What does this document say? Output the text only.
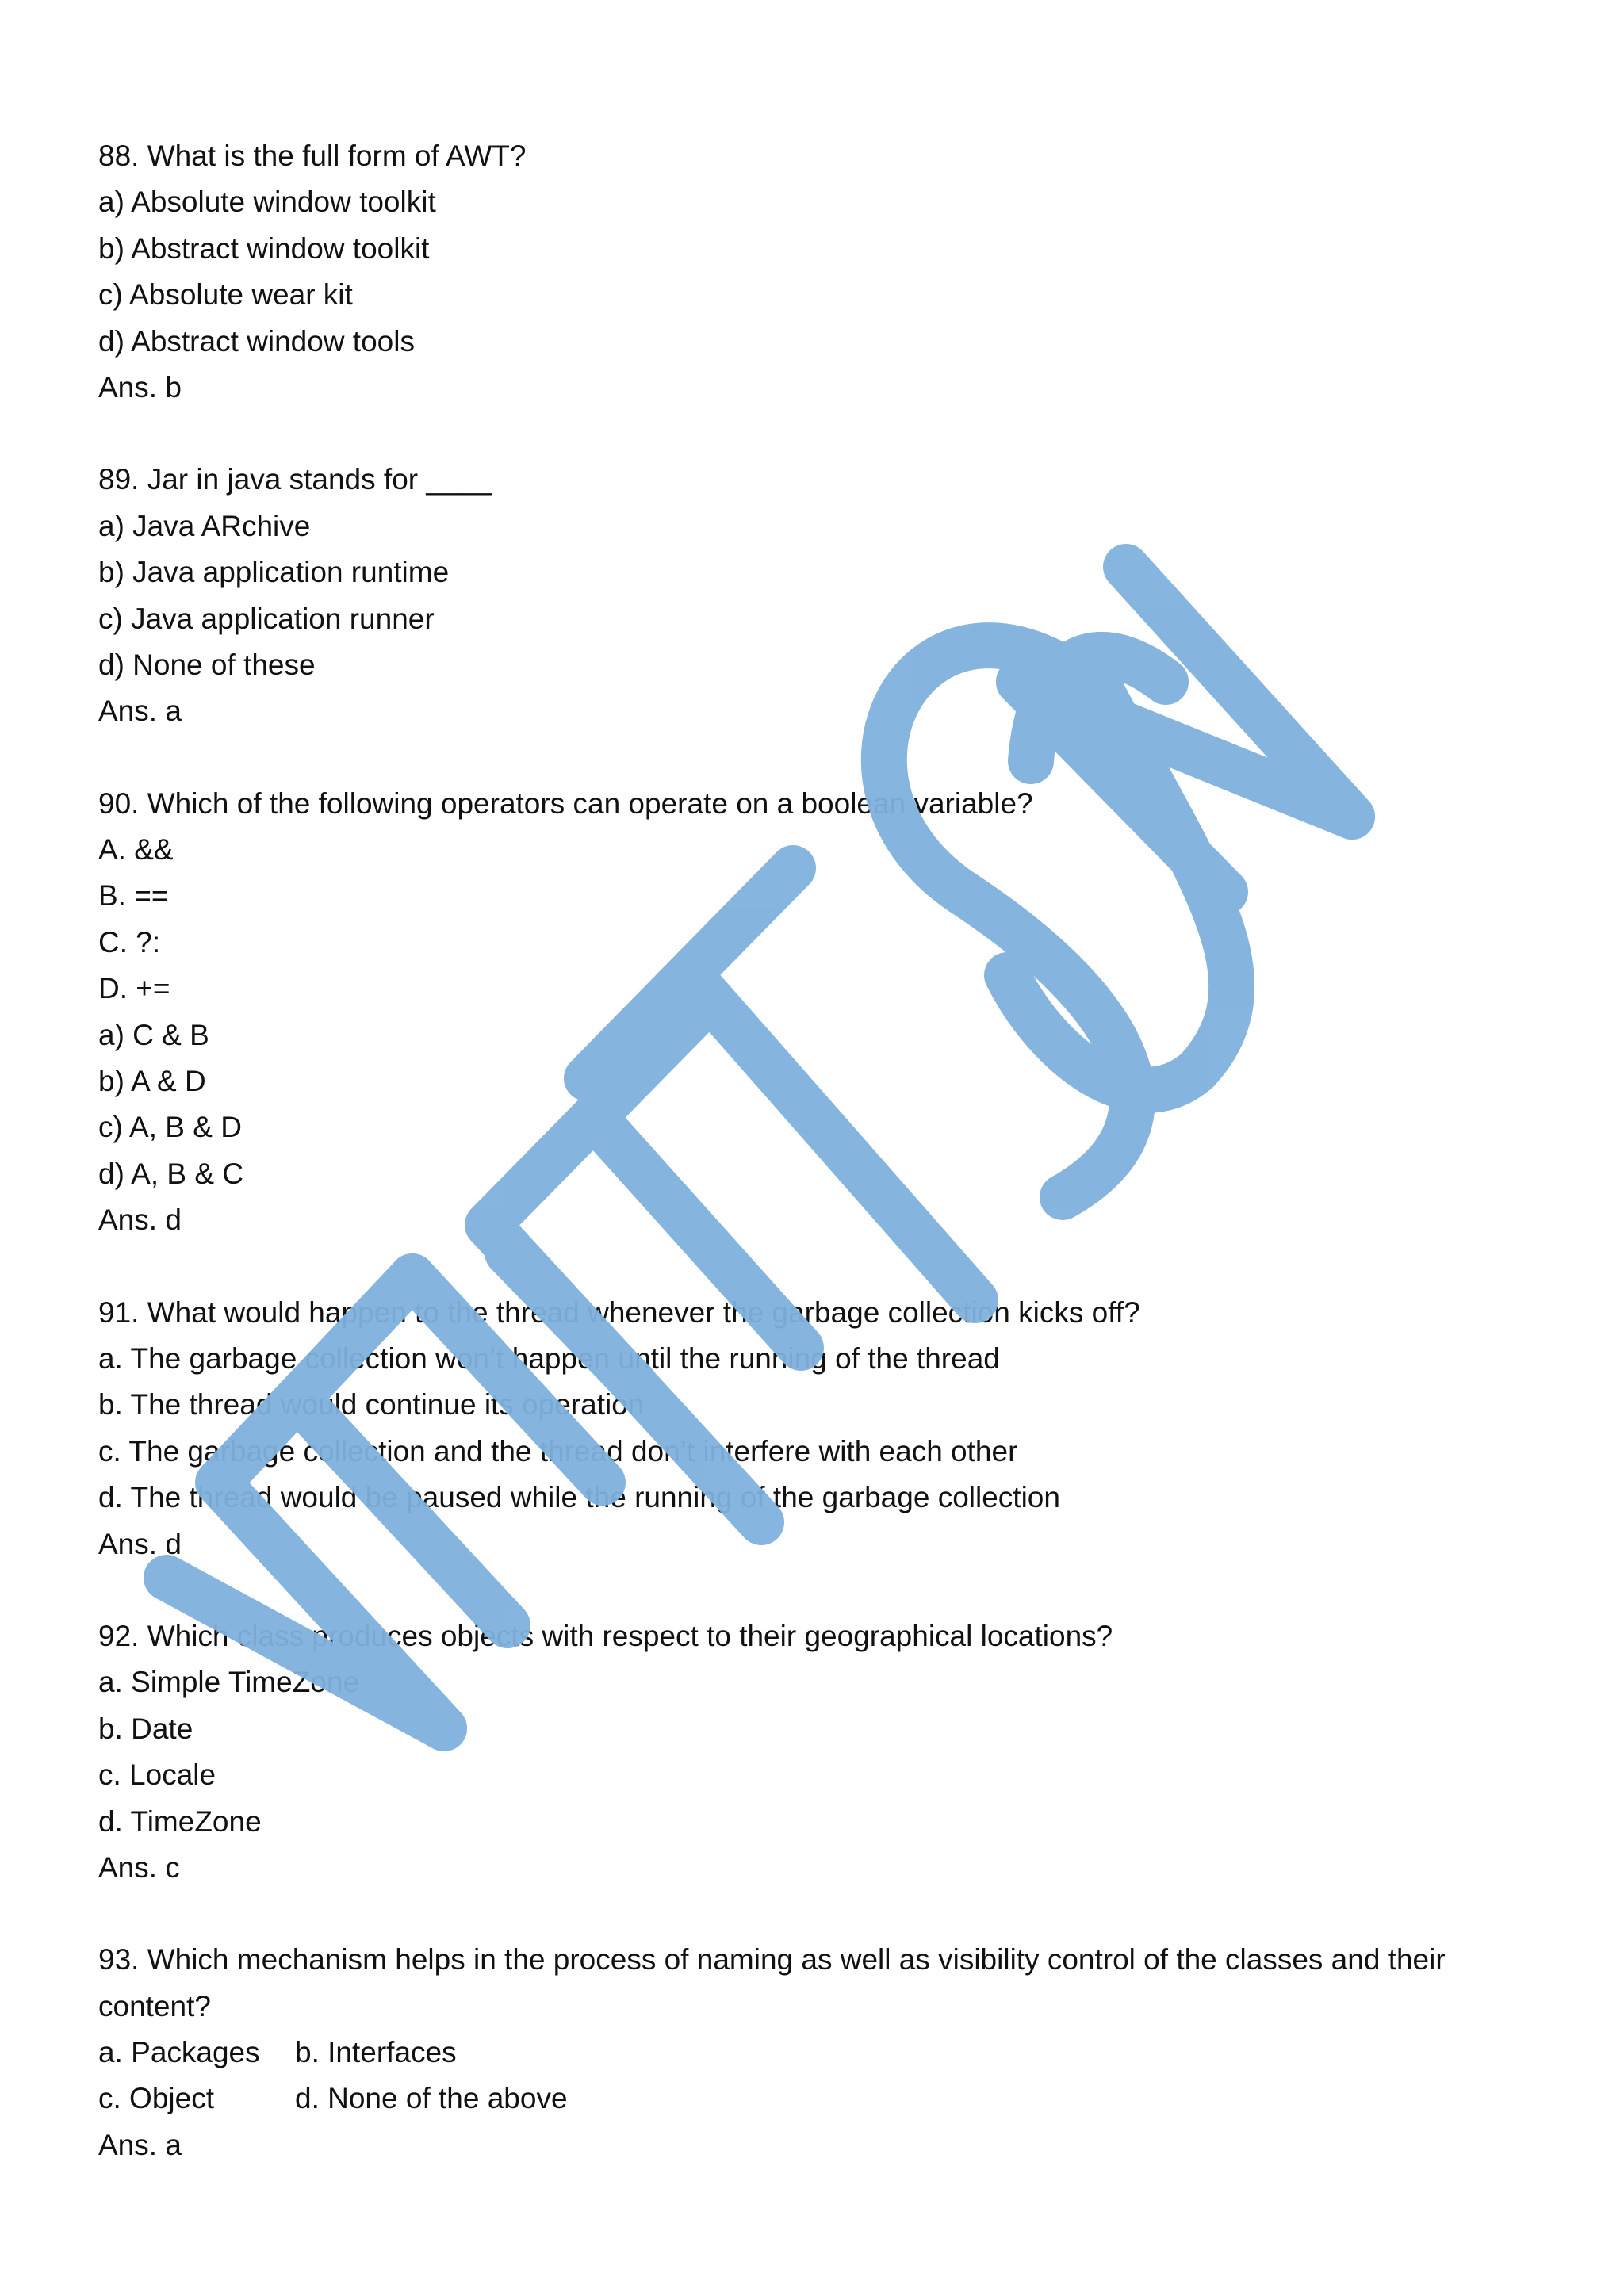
88. What is the full form of AWT?
a) Absolute window toolkit
b) Abstract window toolkit
c) Absolute wear kit
d) Abstract window tools
Ans. b
89. Jar in java stands for ____
a) Java ARchive
b) Java application runtime
c) Java application runner
d) None of these
Ans. a
90. Which of the following operators can operate on a boolean variable?
A. &&
B. ==
C. ?:
D. +=
a) C & B
b) A & D
c) A, B & D
d) A, B & C
Ans. d
91. What would happen to the thread whenever the garbage collection kicks off?
a. The garbage collection won’t happen until the running of the thread
b. The thread would continue its operation
c. The garbage collection and the thread don’t interfere with each other
d. The thread would be paused while the running of the garbage collection
Ans. d
92. Which class produces objects with respect to their geographical locations?
a. Simple TimeZone
b. Date
c. Locale
d. TimeZone
Ans. c
93. Which mechanism helps in the process of naming as well as visibility control of the classes and their content?
a. Packages	b. Interfaces
c. Object	d. None of the above
Ans. a
